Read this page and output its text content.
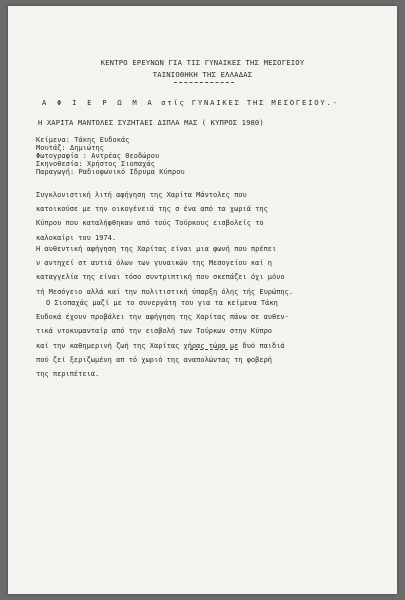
ΚΕΝΤΡΟ ΕΡΕΥΝΩΝ ΓΙΑ ΤΙΣ ΓΥΝΑΙΚΕΣ ΤΗΣ ΜΕΣΟΓΕΙΟΥ
ΤΑΙΝΙΟΘΗΚΗ ΤΗΣ ΕΛΛΑΔΑΣ
Α Φ Ι Ε Ρ Ω Μ Α στίς ΓΥΝΑΙΚΕΣ ΤΗΣ ΜΕΣΟΓΕΙΟΥ.-
Η ΧΑΡΙΤΑ ΜΑΝΤΟΛΕΣ ΣΥΖΗΤΑΕΙ ΔΙΠΛΑ ΜΑΣ ( ΚΥΠΡΟΣ 1980)
Κείμενα: Τάκης Ευδοκάς
Μουτάζ: Δημιώτης
Φωτογραφία : Αντρέας Θεοδώρου
Σκηνοθεσία: Χρήστος Σιοπαχάς
Παραγωγή: Ραδιοφωνικό Ιδρυμα Κύπρου
Συγκλονιστική λιτή αφήγηση της Χαρίτα Μάντολες που
κατοικούσε με την οικογένειά της σ ένα από τα χωριά της
Κύπρου που καταλήφθηκαν από τούς Τούρκους εισβολείς το
καλοκαίρι του 1974.
Η αυθεντική αφήγηση της Χαρίτας είναι μια φωνή που πρέπει
ν αντηχεί στ αυτιά όλων των γυναικών της Μεσογείου καί η
καταγγελία της είναι τόσο συντριπτική που σκεπάζει όχι μόνο
τή Μεσόγειο αλλά καί την πολιτιστική ύπαρξη όλης τής Ευρώπης.
Ο Σιοπαχάς μαζί με το συνεργάτη του για τα κείμενα Τάκη
Ευδοκά έχουν προβάλει την αφήγηση της Χαρίτας πάνω σε αυθεν-
τικά ντοκυμανταίρ από την εισβολή των Τούρκων στην Κύπρο
καί την καθημερινή ζωή της Χαρίτας χήρας τώρα με δυό παιδιά
πού ζεί ξεριζωμένη απ τό χωριό της αναπολώντας τη φοβερή
της περιπέτεια.
